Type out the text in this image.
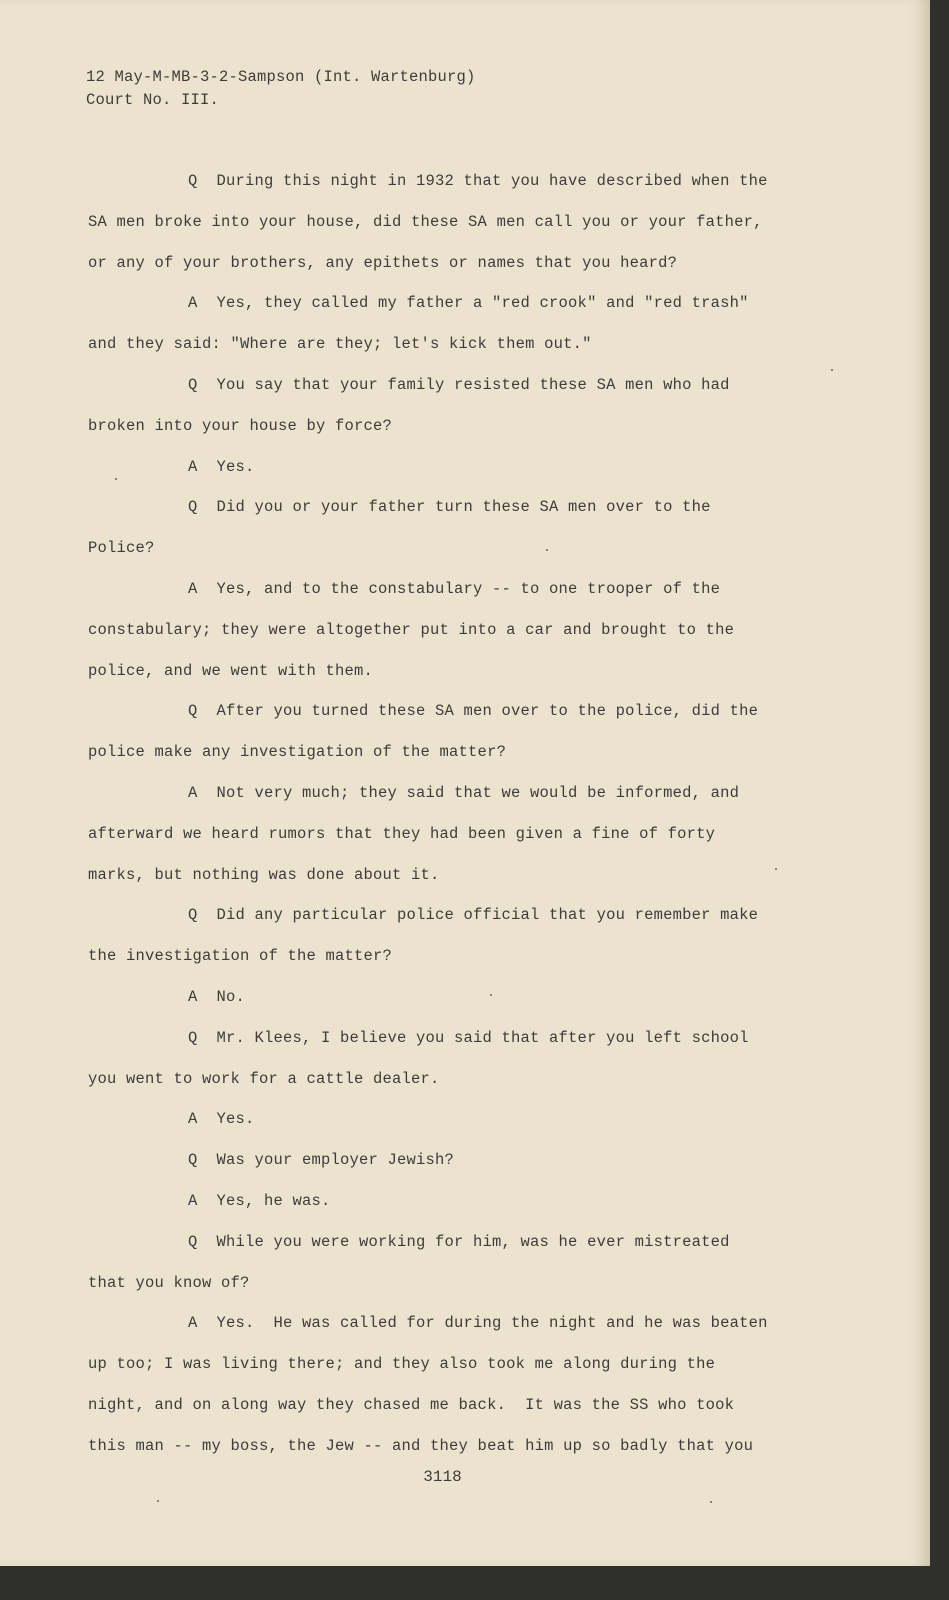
12 May-M-MB-3-2-Sampson (Int. Wartenburg)
Court No. III.
Q  During this night in 1932 that you have described when the
SA men broke into your house, did these SA men call you or your father,
or any of your brothers, any epithets or names that you heard?
A  Yes, they called my father a "red crook" and "red trash"
and they said: "Where are they; let's kick them out."
Q  You say that your family resisted these SA men who had
broken into your house by force?
A  Yes.
Q  Did you or your father turn these SA men over to the
Police?
A  Yes, and to the constabulary -- to one trooper of the
constabulary; they were altogether put into a car and brought to the
police, and we went with them.
Q  After you turned these SA men over to the police, did the
police make any investigation of the matter?
A  Not very much; they said that we would be informed, and
afterward we heard rumors that they had been given a fine of forty
marks, but nothing was done about it.
Q  Did any particular police official that you remember make
the investigation of the matter?
A  No.
Q  Mr. Klees, I believe you said that after you left school
you went to work for a cattle dealer.
A  Yes.
Q  Was your employer Jewish?
A  Yes, he was.
Q  While you were working for him, was he ever mistreated
that you know of?
A  Yes.  He was called for during the night and he was beaten
up too; I was living there; and they also took me along during the
night, and on along way they chased me back.  It was the SS who took
this man -- my boss, the Jew -- and they beat him up so badly that you
3118
